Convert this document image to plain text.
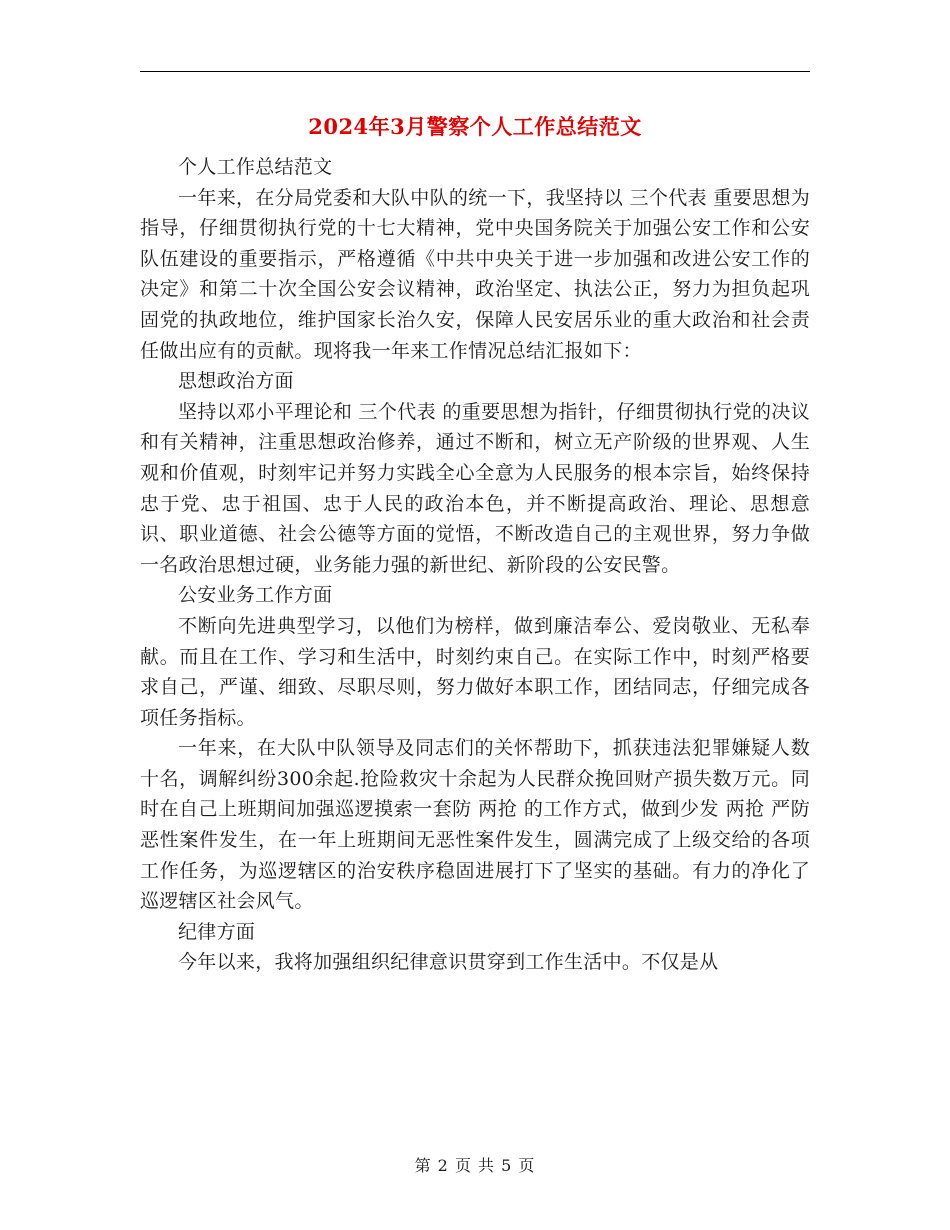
2024年3月警察个人工作总结范文

个人工作总结范文

一年来，在分局党委和大队中队的统一下，我坚持以 三个代表 重要思想为指导，仔细贯彻执行党的十七大精神，党中央国务院关于加强公安工作和公安队伍建设的重要指示，严格遵循《中共中央关于进一步加强和改进公安工作的决定》和第二十次全国公安会议精神，政治坚定、执法公正，努力为担负起巩固党的执政地位，维护国家长治久安，保障人民安居乐业的重大政治和社会责任做出应有的贡献。现将我一年来工作情况总结汇报如下：

思想政治方面

坚持以邓小平理论和 三个代表 的重要思想为指针，仔细贯彻执行党的决议和有关精神，注重思想政治修养，通过不断和，树立无产阶级的世界观、人生观和价值观，时刻牢记并努力实践全心全意为人民服务的根本宗旨，始终保持忠于党、忠于祖国、忠于人民的政治本色，并不断提高政治、理论、思想意识、职业道德、社会公德等方面的觉悟，不断改造自己的主观世界，努力争做一名政治思想过硬，业务能力强的新世纪、新阶段的公安民警。

公安业务工作方面

不断向先进典型学习，以他们为榜样，做到廉洁奉公、爱岗敬业、无私奉献。而且在工作、学习和生活中，时刻约束自己。在实际工作中，时刻严格要求自己，严谨、细致、尽职尽则，努力做好本职工作，团结同志，仔细完成各项任务指标。

一年来，在大队中队领导及同志们的关怀帮助下，抓获违法犯罪嫌疑人数十名，调解纠纷300余起.抢险救灾十余起为人民群众挽回财产损失数万元。同时在自己上班期间加强巡逻摸索一套防 两抢 的工作方式，做到少发 两抢 严防恶性案件发生，在一年上班期间无恶性案件发生，圆满完成了上级交给的各项工作任务，为巡逻辖区的治安秩序稳固进展打下了坚实的基础。有力的净化了巡逻辖区社会风气。

纪律方面

今年以来，我将加强组织纪律意识贯穿到工作生活中。不仅是从

第 2 页 共 5 页
